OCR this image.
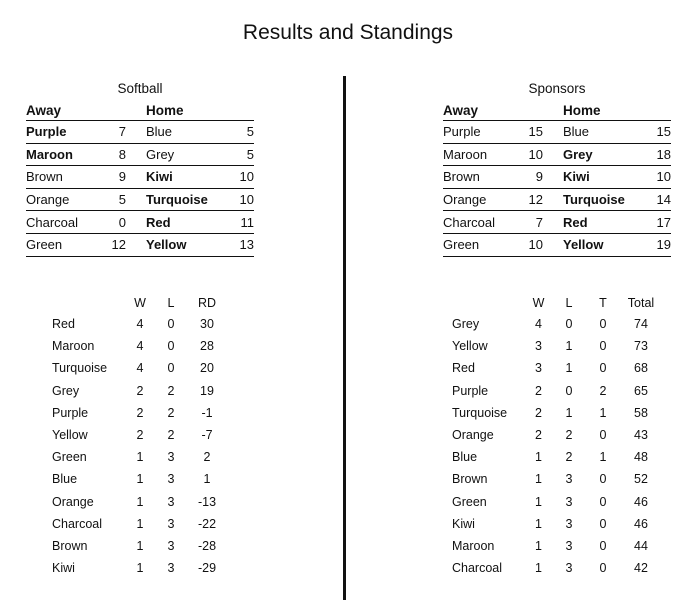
Results and Standings
Softball
Away			Home	
Purple	7		Blue	5
Maroon	8		Grey	5
Brown	9		Kiwi	10
Orange	5		Turquoise	10
Charcoal	0		Red	11
Green	12		Yellow	13
	W	L	RD
Red	4	0	30
Maroon	4	0	28
Turquoise	4	0	20
Grey	2	2	19
Purple	2	2	-1
Yellow	2	2	-7
Green	1	3	2
Blue	1	3	1
Orange	1	3	-13
Charcoal	1	3	-22
Brown	1	3	-28
Kiwi	1	3	-29
Sponsors
Away			Home	
Purple	15		Blue	15
Maroon	10		Grey	18
Brown	9		Kiwi	10
Orange	12		Turquoise	14
Charcoal	7		Red	17
Green	10		Yellow	19
	W	L	T	Total
Grey	4	0	0	74
Yellow	3	1	0	73
Red	3	1	0	68
Purple	2	0	2	65
Turquoise	2	1	1	58
Orange	2	2	0	43
Blue	1	2	1	48
Brown	1	3	0	52
Green	1	3	0	46
Kiwi	1	3	0	46
Maroon	1	3	0	44
Charcoal	1	3	0	42
